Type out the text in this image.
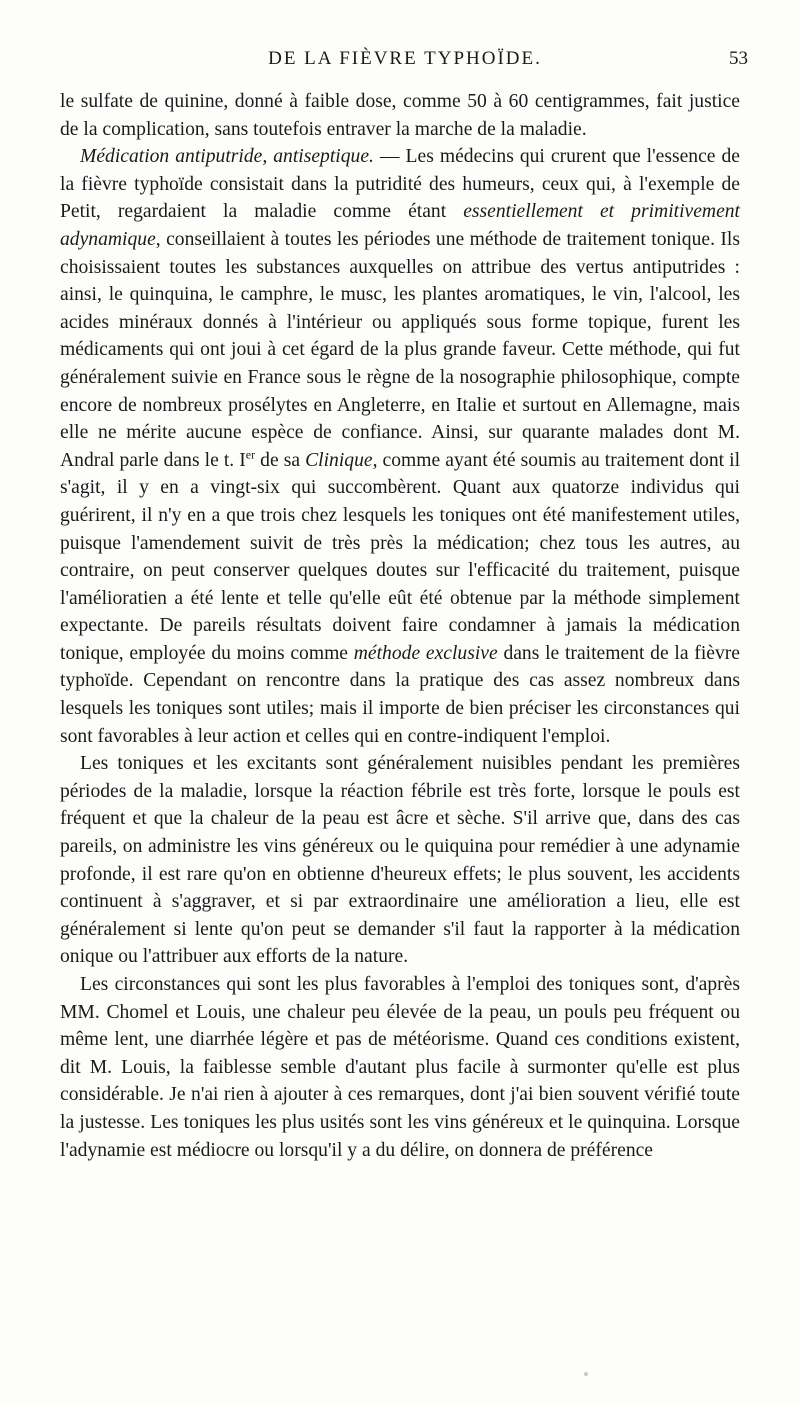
DE LA FIÈVRE TYPHOÏDE.	53

le sulfate de quinine, donné à faible dose, comme 50 à 60 centigrammes, fait justice de la complication, sans toutefois entraver la marche de la maladie.

Médication antiputride, antiseptique. — Les médecins qui crurent que l'essence de la fièvre typhoïde consistait dans la putridité des humeurs, ceux qui, à l'exemple de Petit, regardaient la maladie comme étant essentiellement et primitivement adynamique, conseillaient à toutes les périodes une méthode de traitement tonique. Ils choisissaient toutes les substances auxquelles on attribue des vertus antiputrides : ainsi, le quinquina, le camphre, le musc, les plantes aromatiques, le vin, l'alcool, les acides minéraux donnés à l'intérieur ou appliqués sous forme topique, furent les médicaments qui ont joui à cet égard de la plus grande faveur. Cette méthode, qui fut généralement suivie en France sous le règne de la nosographie philosophique, compte encore de nombreux prosélytes en Angleterre, en Italie et surtout en Allemagne, mais elle ne mérite aucune espèce de confiance. Ainsi, sur quarante malades dont M. Andral parle dans le t. Ier de sa Clinique, comme ayant été soumis au traitement dont il s'agit, il y en a vingt-six qui succombèrent. Quant aux quatorze individus qui guérirent, il n'y en a que trois chez lesquels les toniques ont été manifestement utiles, puisque l'amendement suivit de très près la médication; chez tous les autres, au contraire, on peut conserver quelques doutes sur l'efficacité du traitement, puisque l'amélioratien a été lente et telle qu'elle eût été obtenue par la méthode simplement expectante. De pareils résultats doivent faire condamner à jamais la médication tonique, employée du moins comme méthode exclusive dans le traitement de la fièvre typhoïde. Cependant on rencontre dans la pratique des cas assez nombreux dans lesquels les toniques sont utiles; mais il importe de bien préciser les circonstances qui sont favorables à leur action et celles qui en contre-indiquent l'emploi.

Les toniques et les excitants sont généralement nuisibles pendant les premières périodes de la maladie, lorsque la réaction fébrile est très forte, lorsque le pouls est fréquent et que la chaleur de la peau est âcre et sèche. S'il arrive que, dans des cas pareils, on administre les vins généreux ou le quiquina pour remédier à une adynamie profonde, il est rare qu'on en obtienne d'heureux effets; le plus souvent, les accidents continuent à s'aggraver, et si par extraordinaire une amélioration a lieu, elle est généralement si lente qu'on peut se demander s'il faut la rapporter à la médication onique ou l'attribuer aux efforts de la nature.

Les circonstances qui sont les plus favorables à l'emploi des toniques sont, d'après MM. Chomel et Louis, une chaleur peu élevée de la peau, un pouls peu fréquent ou même lent, une diarrhée légère et pas de météorisme. Quand ces conditions existent, dit M. Louis, la faiblesse semble d'autant plus facile à surmonter qu'elle est plus considérable. Je n'ai rien à ajouter à ces remarques, dont j'ai bien souvent vérifié toute la justesse. Les toniques les plus usités sont les vins généreux et le quinquina. Lorsque l'adynamie est médiocre ou lorsqu'il y a du délire, on donnera de préférence
